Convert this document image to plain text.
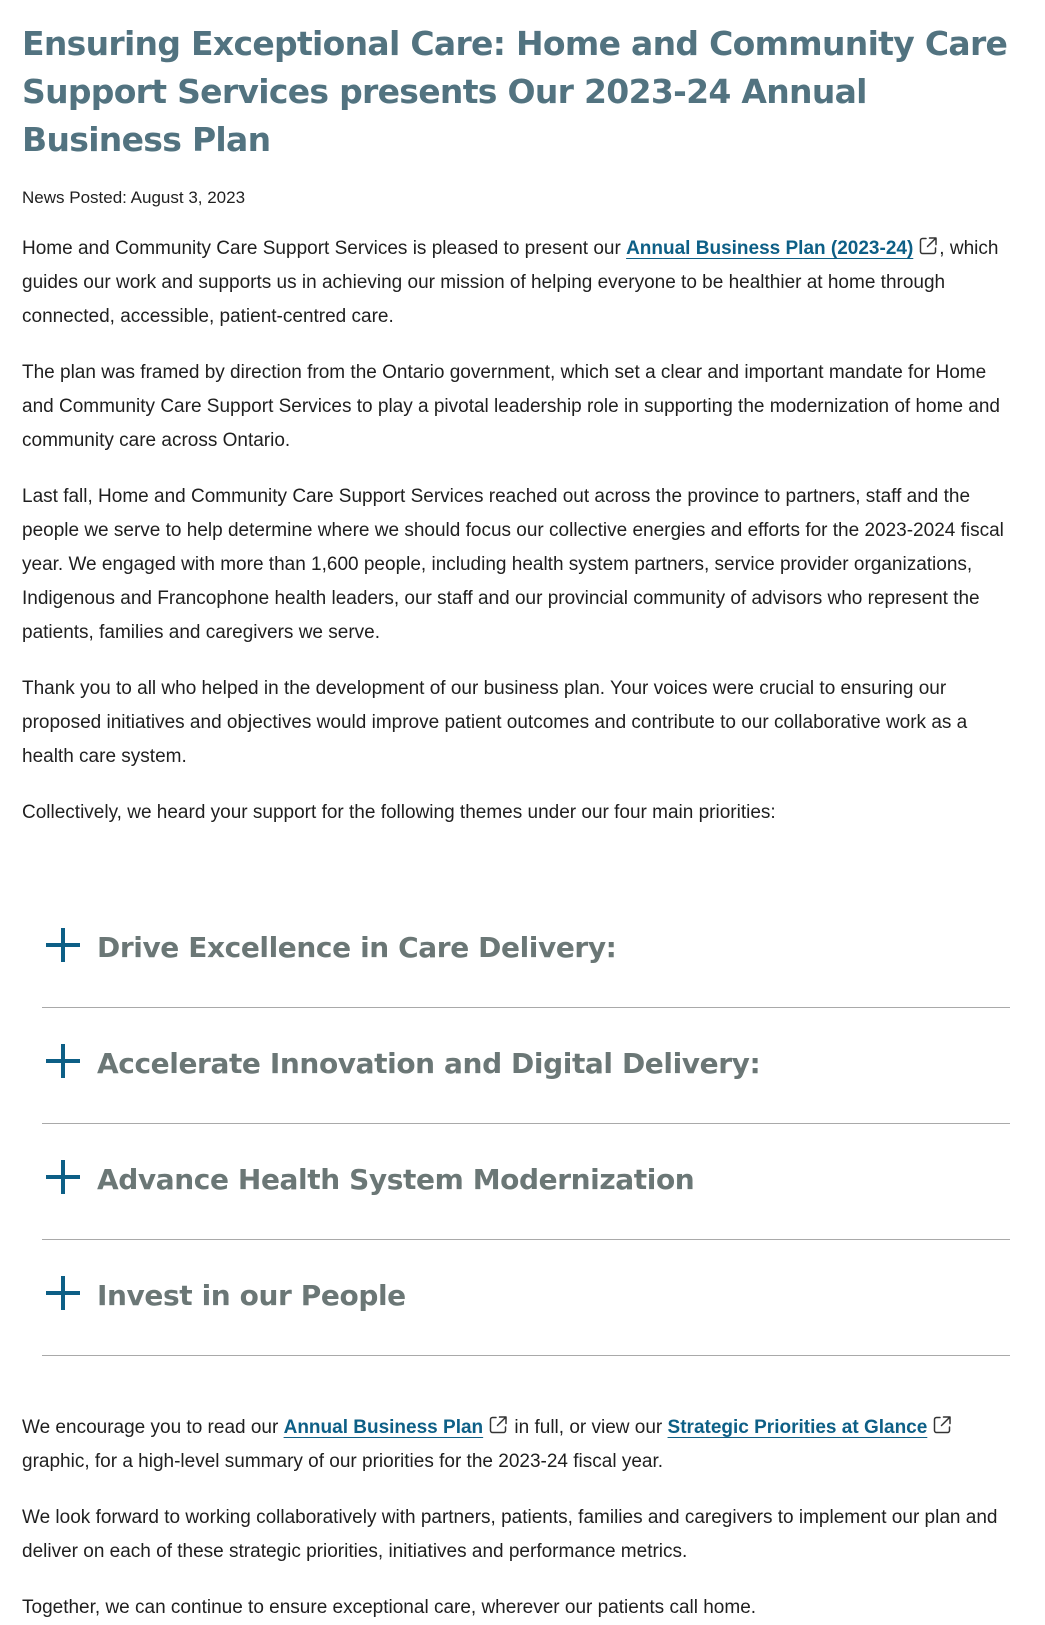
Ensuring Exceptional Care: Home and Community Care Support Services presents Our 2023-24 Annual Business Plan
News Posted: August 3, 2023

Home and Community Care Support Services is pleased to present our Annual Business Plan (2023-24) , which guides our work and supports us in achieving our mission of helping everyone to be healthier at home through connected, accessible, patient-centred care.

The plan was framed by direction from the Ontario government, which set a clear and important mandate for Home and Community Care Support Services to play a pivotal leadership role in supporting the modernization of home and community care across Ontario.

Last fall, Home and Community Care Support Services reached out across the province to partners, staff and the people we serve to help determine where we should focus our collective energies and efforts for the 2023-2024 fiscal year. We engaged with more than 1,600 people, including health system partners, service provider organizations, Indigenous and Francophone health leaders, our staff and our provincial community of advisors who represent the patients, families and caregivers we serve.

Thank you to all who helped in the development of our business plan. Your voices were crucial to ensuring our proposed initiatives and objectives would improve patient outcomes and contribute to our collaborative work as a health care system.

Collectively, we heard your support for the following themes under our four main priorities:

Drive Excellence in Care Delivery:
Accelerate Innovation and Digital Delivery:
Advance Health System Modernization
Invest in our People

We encourage you to read our Annual Business Plan in full, or view our Strategic Priorities at Glance graphic, for a high-level summary of our priorities for the 2023-24 fiscal year.

We look forward to working collaboratively with partners, patients, families and caregivers to implement our plan and deliver on each of these strategic priorities, initiatives and performance metrics.

Together, we can continue to ensure exceptional care, wherever our patients call home.
